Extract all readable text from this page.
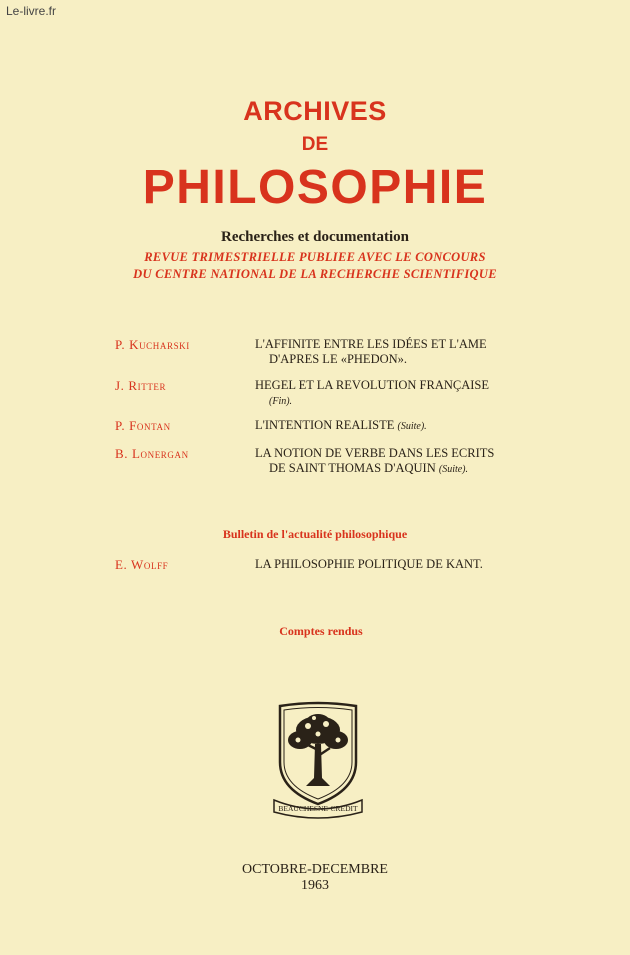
Le-livre.fr
ARCHIVES
DE
PHILOSOPHIE
Recherches et documentation
REVUE TRIMESTRIELLE PUBLIEE AVEC LE CONCOURS
DU CENTRE NATIONAL DE LA RECHERCHE SCIENTIFIQUE
P. Kucharski	L'AFFINITE ENTRE LES IDÉES ET L'AME
D'APRES LE «PHEDON».
J. Ritter	HEGEL ET LA REVOLUTION FRANÇAISE
(Fin).
P. Fontan	L'INTENTION REALISTE (Suite).
B. Lonergan	LA NOTION DE VERBE DANS LES ECRITS
DE SAINT THOMAS D'AQUIN (Suite).
Bulletin de l'actualité philosophique
E. Wolff	LA PHILOSOPHIE POLITIQUE DE KANT.
Comptes rendus
BEAUCHESNE·CREDIT
OCTOBRE-DECEMBRE
1963
